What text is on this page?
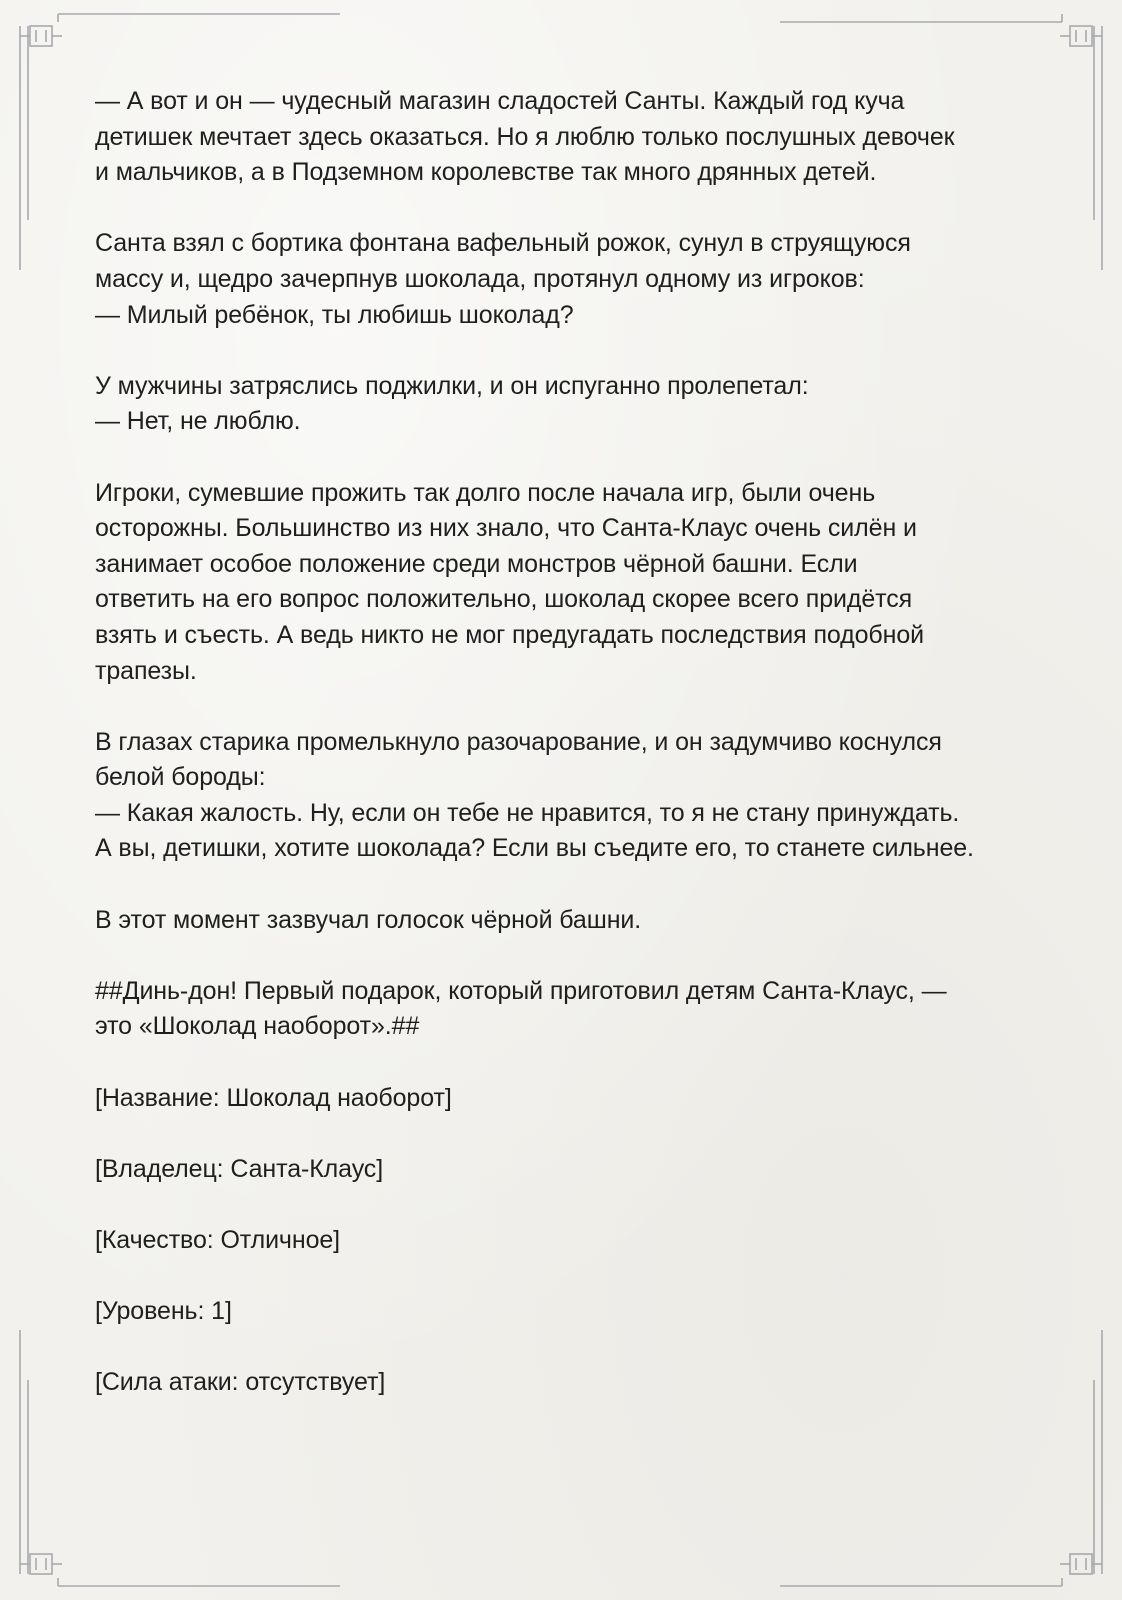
— А вот и он — чудесный магазин сладостей Санты. Каждый год куча
детишек мечтает здесь оказаться. Но я люблю только послушных девочек
и мальчиков, а в Подземном королевстве так много дрянных детей.
Санта взял с бортика фонтана вафельный рожок, сунул в струящуюся
массу и, щедро зачерпнув шоколада, протянул одному из игроков:
— Милый ребёнок, ты любишь шоколад?
У мужчины затряслись поджилки, и он испуганно пролепетал:
— Нет, не люблю.
Игроки, сумевшие прожить так долго после начала игр, были очень
осторожны. Большинство из них знало, что Санта-Клаус очень силён и
занимает особое положение среди монстров чёрной башни. Если
ответить на его вопрос положительно, шоколад скорее всего придётся
взять и съесть. А ведь никто не мог предугадать последствия подобной
трапезы.
В глазах старика промелькнуло разочарование, и он задумчиво коснулся
белой бороды:
— Какая жалость. Ну, если он тебе не нравится, то я не стану принуждать.
А вы, детишки, хотите шоколада? Если вы съедите его, то станете сильнее.
В этот момент зазвучал голосок чёрной башни.
##Динь-дон! Первый подарок, который приготовил детям Санта-Клаус, —
это «Шоколад наоборот».##
[Название: Шоколад наоборот]
[Владелец: Санта-Клаус]
[Качество: Отличное]
[Уровень: 1]
[Сила атаки: отсутствует]
